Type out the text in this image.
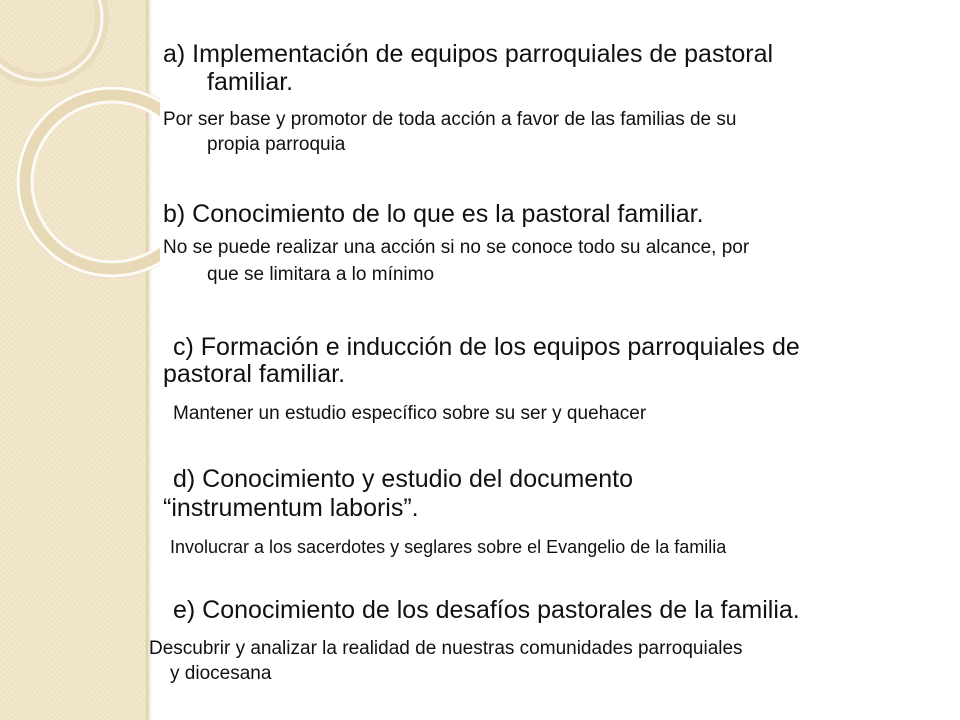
a) Implementación de equipos parroquiales de pastoral
familiar.
Por ser base y promotor de toda acción a favor de las familias de su
propia parroquia
b) Conocimiento de lo que es la pastoral familiar.
No se puede realizar una acción si no se conoce todo su alcance, por
que se limitara a lo mínimo
c) Formación e inducción de los equipos parroquiales de
pastoral familiar.
Mantener un estudio específico sobre su ser y quehacer
d) Conocimiento y estudio del documento
“instrumentum laboris”.
Involucrar a los sacerdotes y seglares sobre el Evangelio de la familia
e) Conocimiento de los desafíos pastorales de la familia.
Descubrir y analizar la realidad de nuestras comunidades parroquiales
y diocesana
